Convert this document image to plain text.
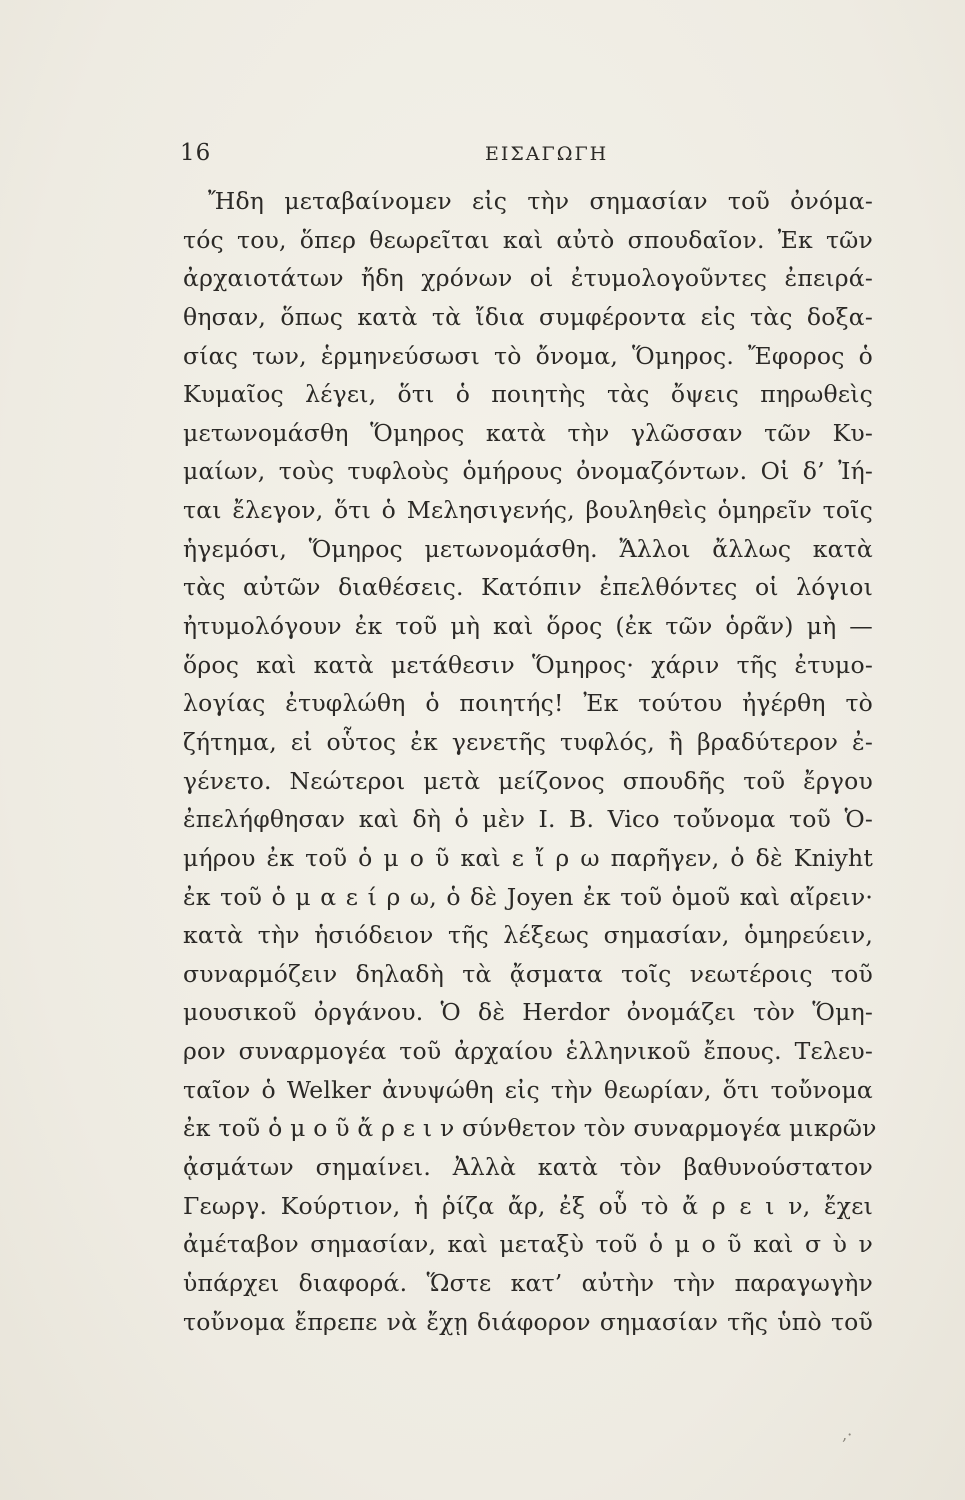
16	ΕΙΣΑΓΩΓΗ
Ἤδη μεταβαίνομεν εἰς τὴν σημασίαν τοῦ ὀνόμα-
τός του, ὅπερ θεωρεῖται καὶ αὐτὸ σπουδαῖον. Ἐκ τῶν
ἀρχαιοτάτων ἤδη χρόνων οἱ ἐτυμολογοῦντες ἐπειρά-
θησαν, ὅπως κατὰ τὰ ἴδια συμφέροντα εἰς τὰς δοξα-
σίας των, ἑρμηνεύσωσι τὸ ὄνομα, Ὅμηρος. Ἔφορος ὁ
Κυμαῖος λέγει, ὅτι ὁ ποιητὴς τὰς ὄψεις πηρωθεὶς
μετωνομάσθη Ὅμηρος κατὰ τὴν γλῶσσαν τῶν Κυ-
μαίων, τοὺς τυφλοὺς ὁμήρους ὀνομαζόντων. Οἱ δ’ Ἰή-
ται ἔλεγον, ὅτι ὁ Μελησιγενής, βουληθεὶς ὁμηρεῖν τοῖς
ἡγεμόσι, Ὅμηρος μετωνομάσθη. Ἄλλοι ἄλλως κατὰ
τὰς αὐτῶν διαθέσεις. Κατόπιν ἐπελθόντες οἱ λόγιοι
ἠτυμολόγουν ἐκ τοῦ μὴ καὶ ὅρος (ἐκ τῶν ὁρᾶν) μὴ —
ὅρος καὶ κατὰ μετάθεσιν Ὅμηρος· χάριν τῆς ἐτυμο-
λογίας ἐτυφλώθη ὁ ποιητής! Ἐκ τούτου ἠγέρθη τὸ
ζήτημα, εἰ οὗτος ἐκ γενετῆς τυφλός, ἢ βραδύτερον ἐ-
γένετο. Νεώτεροι μετὰ μείζονος σπουδῆς τοῦ ἔργου
ἐπελήφθησαν καὶ δὴ ὁ μὲν I. B. Vico τοὔνομα τοῦ Ὁ-
μήρου ἐκ τοῦ ὁ μ ο ῦ καὶ ε ἴ ρ ω παρῆγεν, ὁ δὲ Kniyht
ἐκ τοῦ ὁ μ α ε ί ρ ω, ὁ δὲ Joyen ἐκ τοῦ ὁμοῦ καὶ αἴρειν·
κατὰ τὴν ἡσιόδειον τῆς λέξεως σημασίαν, ὁμηρεύειν,
συναρμόζειν δηλαδὴ τὰ ᾄσματα τοῖς νεωτέροις τοῦ
μουσικοῦ ὀργάνου. Ὁ δὲ Herdor ὀνομάζει τὸν Ὅμη-
ρον συναρμογέα τοῦ ἀρχαίου ἑλληνικοῦ ἔπους. Τελευ-
ταῖον ὁ Welker ἀνυψώθη εἰς τὴν θεωρίαν, ὅτι τοὔνομα
ἐκ τοῦ ὁ μ ο ῦ ἄ ρ ε ι ν σύνθετον τὸν συναρμογέα μικρῶν
ᾀσμάτων σημαίνει. Ἀλλὰ κατὰ τὸν βαθυνούστατον
Γεωργ. Κούρτιον, ἡ ῥίζα ἄρ, ἐξ οὗ τὸ ἄ ρ ε ι ν, ἔχει
ἀμέταβον σημασίαν, καὶ μεταξὺ τοῦ ὁ μ ο ῦ καὶ σ ὺ ν
ὑπάρχει διαφορά. Ὥστε κατ’ αὐτὴν τὴν παραγωγὴν
τοὔνομα ἔπρεπε νὰ ἔχῃ διάφορον σημασίαν τῆς ὑπὸ τοῦ
‚·
